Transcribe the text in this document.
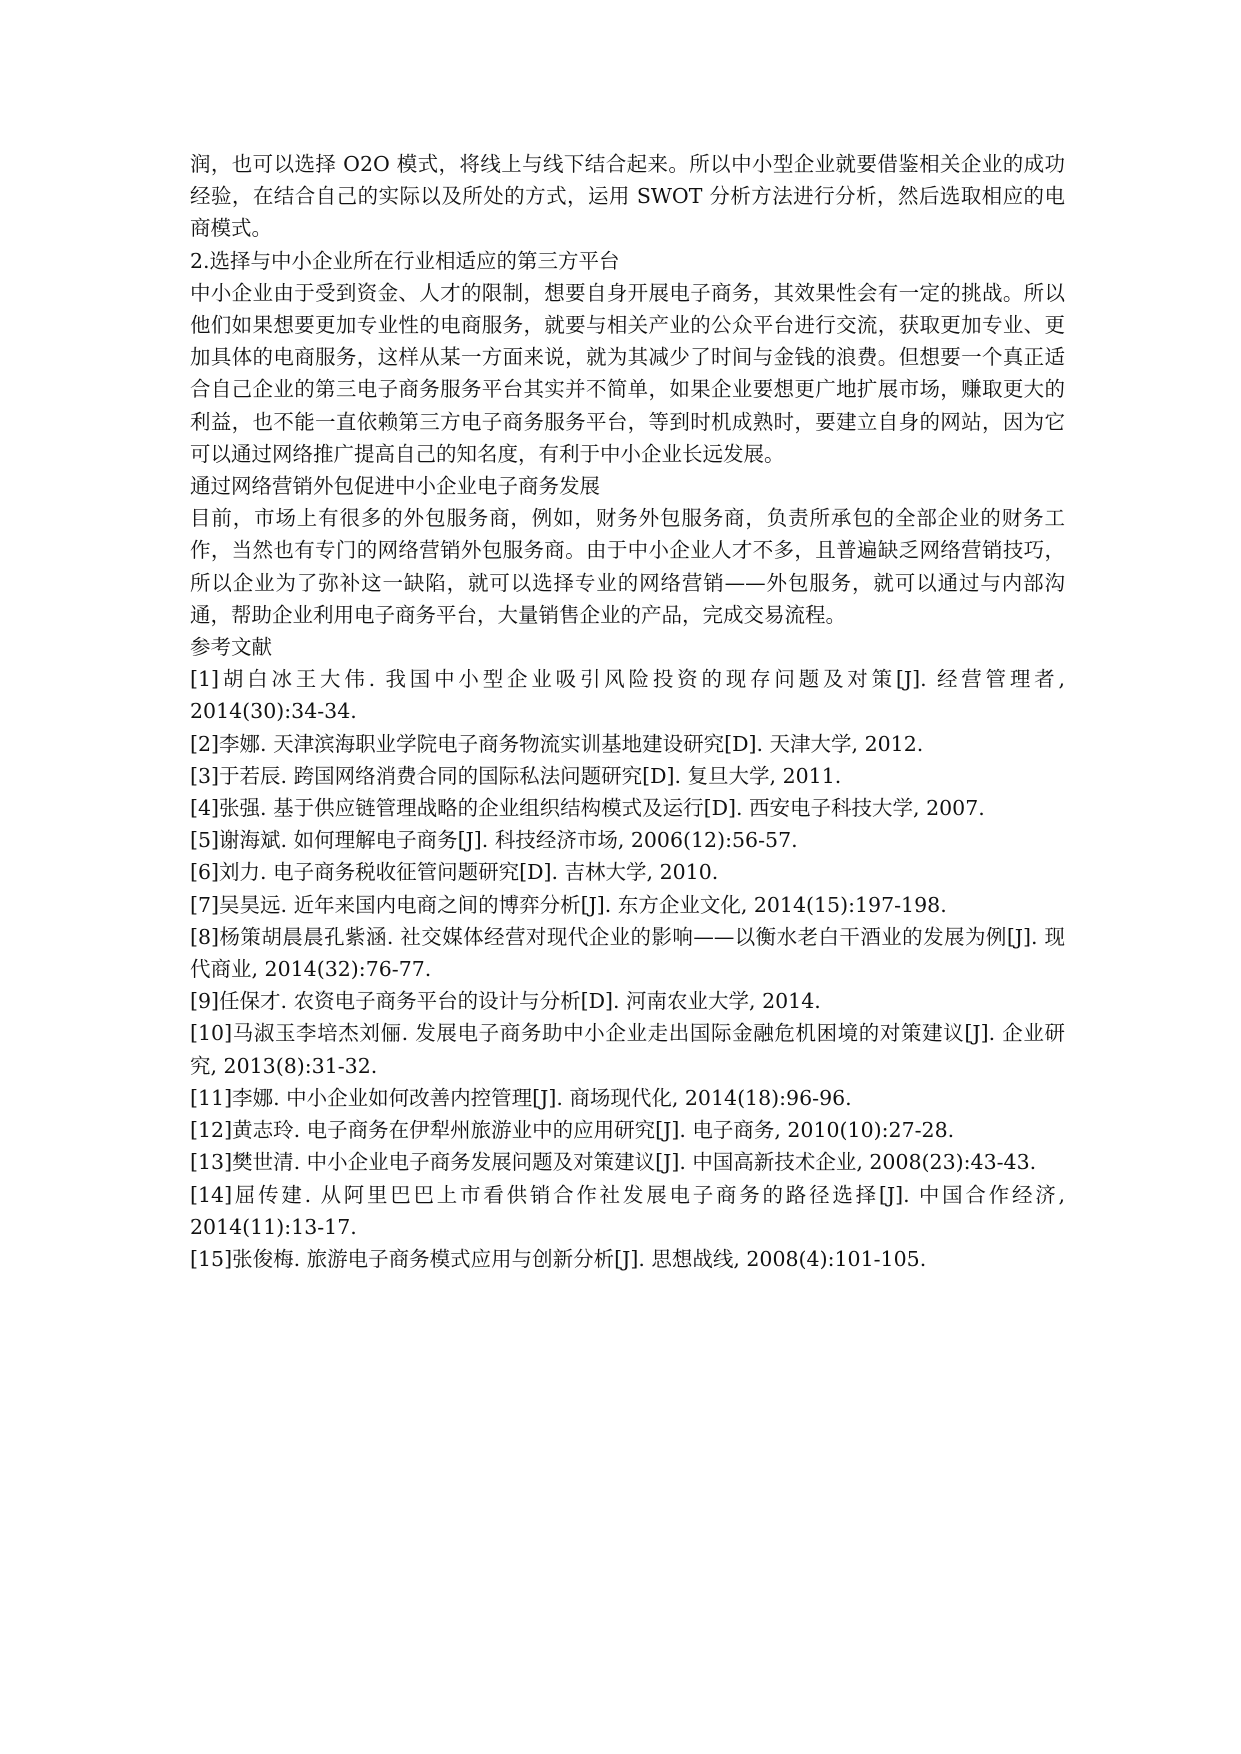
润，也可以选择 O2O 模式，将线上与线下结合起来。所以中小型企业就要借鉴相关企业的成功经验，在结合自己的实际以及所处的方式，运用 SWOT 分析方法进行分析，然后选取相应的电商模式。

2.选择与中小企业所在行业相适应的第三方平台

中小企业由于受到资金、人才的限制，想要自身开展电子商务，其效果性会有一定的挑战。所以他们如果想要更加专业性的电商服务，就要与相关产业的公众平台进行交流，获取更加专业、更加具体的电商服务，这样从某一方面来说，就为其减少了时间与金钱的浪费。但想要一个真正适合自己企业的第三电子商务服务平台其实并不简单，如果企业要想更广地扩展市场，赚取更大的利益，也不能一直依赖第三方电子商务服务平台，等到时机成熟时，要建立自身的网站，因为它可以通过网络推广提高自己的知名度，有利于中小企业长远发展。

通过网络营销外包促进中小企业电子商务发展

目前，市场上有很多的外包服务商，例如，财务外包服务商，负责所承包的全部企业的财务工作，当然也有专门的网络营销外包服务商。由于中小企业人才不多，且普遍缺乏网络营销技巧，所以企业为了弥补这一缺陷，就可以选择专业的网络营销——外包服务，就可以通过与内部沟通，帮助企业利用电子商务平台，大量销售企业的产品，完成交易流程。

参考文献
[1]胡白冰王大伟. 我国中小型企业吸引风险投资的现存问题及对策[J]. 经营管理者, 2014(30):34-34.
[2]李娜. 天津滨海职业学院电子商务物流实训基地建设研究[D]. 天津大学, 2012.
[3]于若辰. 跨国网络消费合同的国际私法问题研究[D]. 复旦大学, 2011.
[4]张强. 基于供应链管理战略的企业组织结构模式及运行[D]. 西安电子科技大学, 2007.
[5]谢海斌. 如何理解电子商务[J]. 科技经济市场, 2006(12):56-57.
[6]刘力. 电子商务税收征管问题研究[D]. 吉林大学, 2010.
[7]吴昊远. 近年来国内电商之间的博弈分析[J]. 东方企业文化, 2014(15):197-198.
[8]杨策胡晨晨孔紫涵. 社交媒体经营对现代企业的影响——以衡水老白干酒业的发展为例[J]. 现代商业, 2014(32):76-77.
[9]任保才. 农资电子商务平台的设计与分析[D]. 河南农业大学, 2014.
[10]马淑玉李培杰刘俪. 发展电子商务助中小企业走出国际金融危机困境的对策建议[J]. 企业研究, 2013(8):31-32.
[11]李娜. 中小企业如何改善内控管理[J]. 商场现代化, 2014(18):96-96.
[12]黄志玲. 电子商务在伊犁州旅游业中的应用研究[J]. 电子商务, 2010(10):27-28.
[13]樊世清. 中小企业电子商务发展问题及对策建议[J]. 中国高新技术企业, 2008(23):43-43.
[14]屈传建. 从阿里巴巴上市看供销合作社发展电子商务的路径选择[J]. 中国合作经济, 2014(11):13-17.
[15]张俊梅. 旅游电子商务模式应用与创新分析[J]. 思想战线, 2008(4):101-105.
